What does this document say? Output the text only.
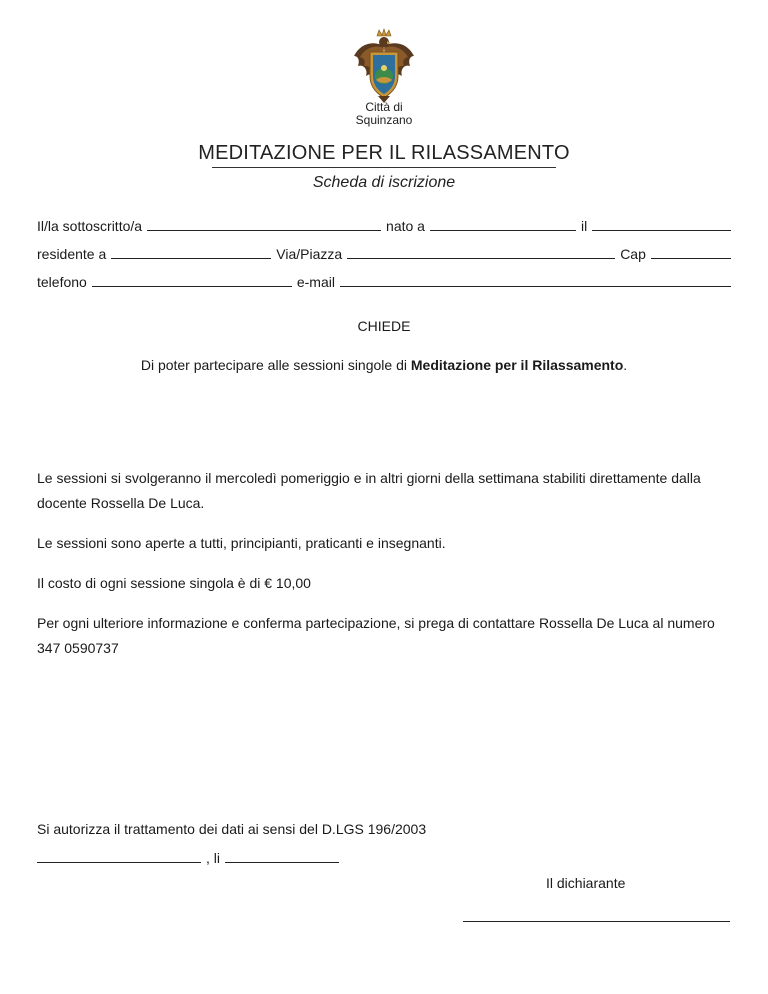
Città di
Squinzano
MEDITAZIONE PER IL RILASSAMENTO
Scheda di iscrizione
Il/la sottoscritto/a	nato a	il
residente a	Via/Piazza	Cap
telefono	e-mail
CHIEDE
Di poter partecipare alle sessioni singole di Meditazione per il Rilassamento.
Le sessioni si svolgeranno il mercoledì pomeriggio e in altri giorni della settimana stabiliti direttamente dalla docente Rossella De Luca.
Le sessioni sono aperte a tutti, principianti, praticanti e insegnanti.
Il costo di ogni sessione singola è di € 10,00
Per ogni ulteriore informazione e conferma partecipazione, si prega di contattare Rossella De Luca al numero 347 0590737
Si autorizza il trattamento dei dati ai sensi del D.LGS 196/2003
, li
Il dichiarante
